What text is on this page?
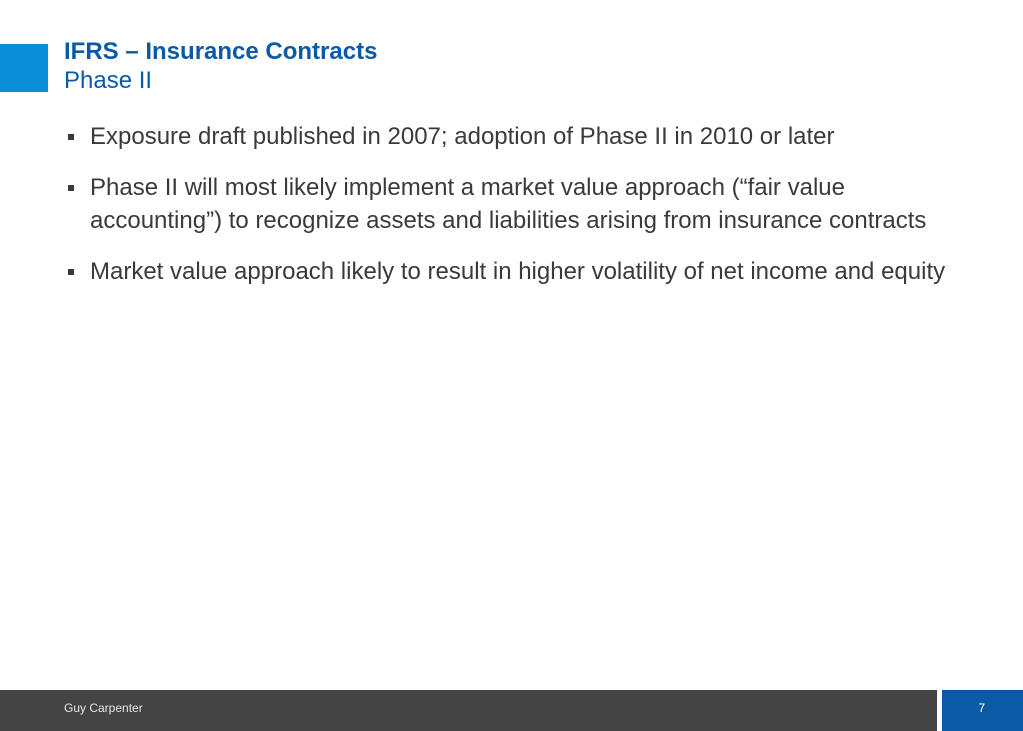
IFRS – Insurance Contracts
Phase II
Exposure draft published in 2007; adoption of Phase II in 2010 or later
Phase II will most likely implement a market value approach (“fair value accounting”) to recognize assets and liabilities arising from insurance contracts
Market value approach likely to result in higher volatility of net income and equity
Guy Carpenter	7
